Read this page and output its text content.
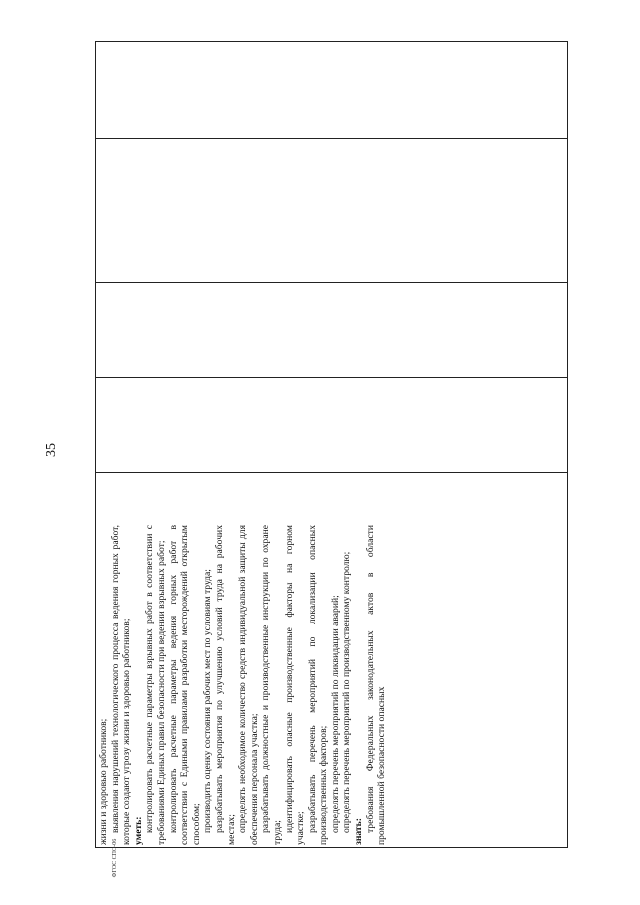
35

жизни и здоровью работников; выявления нарушений технологического процесса ведения горных работ, которые создают угрозу жизни и здоровью работников; уметь: контролировать расчетные параметры взрывных работ в соответствии с требованиями Единых правил безопасности при ведении взрывных работ; контролировать расчетные параметры ведения горных работ в соответствии с Едиными правилами разработки месторождений открытым способом; производить оценку состояния рабочих мест по условиям труда; разрабатывать мероприятия по улучшению условий труда на рабочих местах; определять необходимое количество средств индивидуальной защиты для обеспечения персонала участка; разрабатывать должностные и производственные инструкции по охране труда; идентифицировать опасные производственные факторы на горном участке; разрабатывать перечень мероприятий по локализации опасных производственных факторов; определять перечень мероприятий по ликвидации аварий; определять перечень мероприятий по производственному контролю; знать: требования Федеральных законодательных актов в области промышленной безопасности опасных

ФГОС СПО-06
